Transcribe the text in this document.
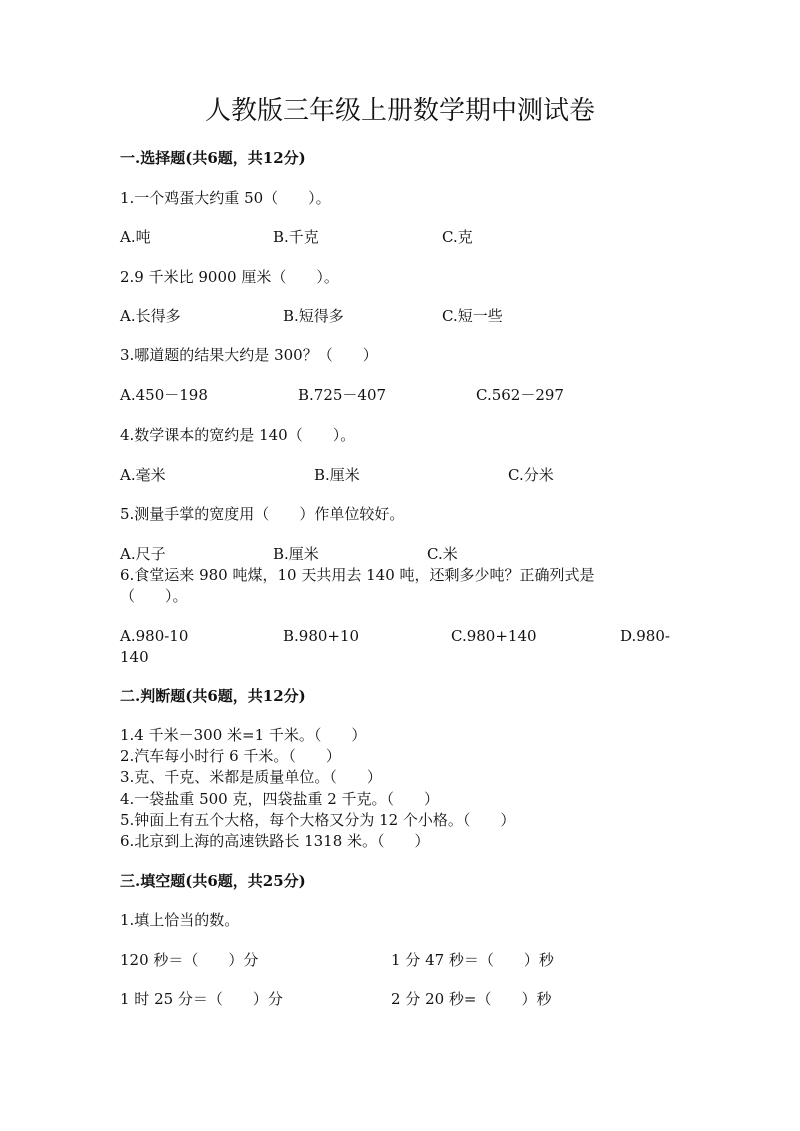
人教版三年级上册数学期中测试卷

一.选择题(共6题，共12分)

1.一个鸡蛋大约重 50（　　）。

A.吨	B.千克	C.克

2.9 千米比 9000 厘米（　　）。

A.长得多	B.短得多	C.短一些

3.哪道题的结果大约是 300？（　　）

A.450－198	B.725－407	C.562－297

4.数学课本的宽约是 140（　　）。

A.毫米	B.厘米	C.分米

5.测量手掌的宽度用（　　）作单位较好。

A.尺子	B.厘米	C.米

6.食堂运来 980 吨煤，10 天共用去 140 吨，还剩多少吨？正确列式是

（　　）。

A.980-10	B.980+10	C.980+140	D.980-

140

二.判断题(共6题，共12分)

1.4 千米－300 米=1 千米。（　　）

2.汽车每小时行 6 千米。（　　）

3.克、千克、米都是质量单位。（　　）

4.一袋盐重 500 克，四袋盐重 2 千克。（　　）

5.钟面上有五个大格，每个大格又分为 12 个小格。（　　）

6.北京到上海的高速铁路长 1318 米。（　　）

三.填空题(共6题，共25分)

1.填上恰当的数。

120 秒＝（　　）分	1 分 47 秒＝（　　）秒

1 时 25 分＝（　　）分	2 分 20 秒=（　　）秒
